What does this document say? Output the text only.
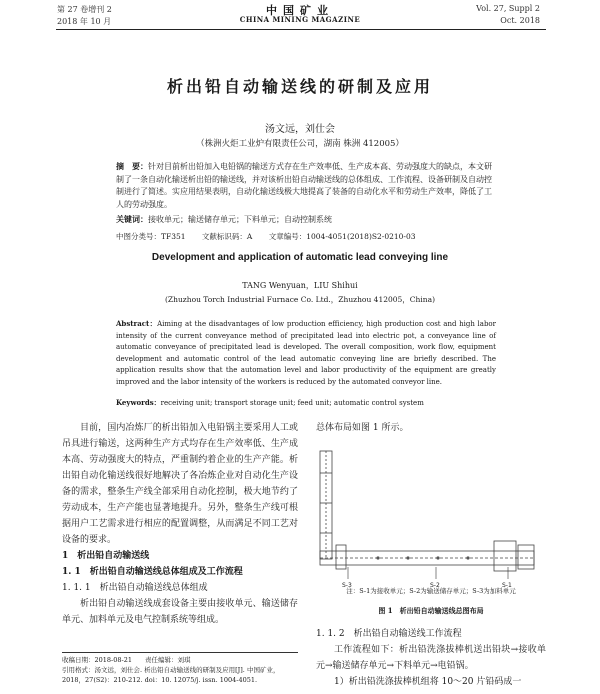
第 27 卷增刊 2
2018 年 10 月
中国矿业
CHINA MINING MAGAZINE
Vol. 27, Suppl 2
Oct. 2018
析出铅自动输送线的研制及应用
汤文远，刘仕会
（株洲火炬工业炉有限责任公司，湖南 株洲 412005）
摘　要：针对目前析出铅加入电铅锅的输送方式存在生产效率低、生产成本高、劳动强度大的缺点，本文研制了一条自动化输送析出铅的输送线，并对该析出铅自动输送线的总体组成、工作流程、设备研制及自动控制进行了简述。实应用结果表明，自动化输送线极大地提高了装备的自动化水平和劳动生产效率，降低了工人的劳动强度。
关键词：接收单元；输送储存单元；下料单元；自动控制系统
中图分类号：TF351 文献标识码：A 文章编号：1004-4051(2018)S2-0210-03
Development and application of automatic lead conveying line
TANG Wenyuan，LIU Shihui
(Zhuzhou Torch Industrial Furnace Co. Ltd.，Zhuzhou 412005，China)
Abstract：Aiming at the disadvantages of low production efficiency, high production cost and high labor intensity of the current conveyance method of precipitated lead into electric pot, a conveyance line of automatic conveyance of precipitated lead is developed. The overall composition, work flow, equipment development and automatic control of the lead automatic conveying line are briefly described. The application results show that the automation level and labor productivity of the equipment are greatly improved and the labor intensity of the workers is reduced by the automated conveyor line.
Keywords：receiving unit; transport storage unit; feed unit; automatic control system

目前，国内冶炼厂的析出铅加入电铅锅主要采用人工或吊具进行输送，这两种生产方式均存在生产效率低、生产成本高、劳动强度大的特点，严重制约着企业的生产产能。析出铅自动化输送线很好地解决了各冶炼企业对自动化生产设备的需求，整条生产线全部采用自动化控制，极大地节约了劳动成本，生产产能也显著地提升。另外，整条生产线可根据用户工艺需求进行相应的配置调整，从而满足不同工艺对设备的要求。

1　析出铅自动输送线
1. 1　析出铅自动输送线总体组成及工作流程
1. 1. 1　析出铅自动输送线总体组成

析出铅自动输送线成套设备主要由接收单元、输送储存单元、加料单元及电气控制系统等组成。

收稿日期：2018-08-21　　责任编辑：刘琪
引用格式：汤文远，刘仕会. 析出铅自动输送线的研制及应用[J]. 中国矿业，2018，27(S2)：210-212. doi：10. 12075/j. issn. 1004-4051.

总体布局如图 1 所示。

S-3	S-2	S-1
注：S-1为接收单元；S-2为输送储存单元；S-3为加料单元
图 1　析出铅自动输送线总图布局
1. 1. 2　析出铅自动输送线工作流程

工作流程如下：析出铅洗涤拔棒机送出铅块→接收单元→输送储存单元→下料单元→电铅锅。

1）析出铅洗涤拔棒机组将 10～20 片铅码成一
